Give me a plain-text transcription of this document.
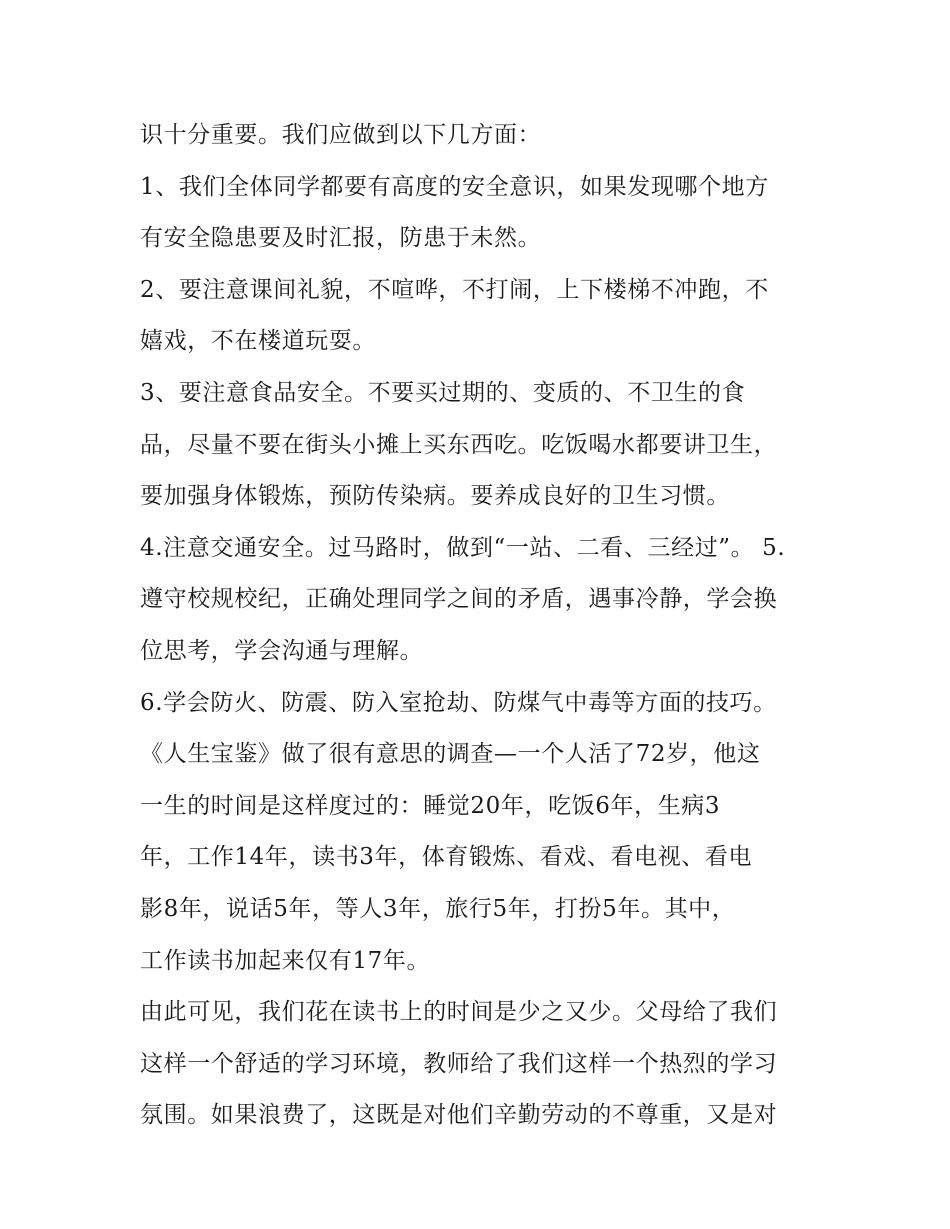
识十分重要。我们应做到以下几方面：
1、我们全体同学都要有高度的安全意识，如果发现哪个地方
有安全隐患要及时汇报，防患于未然。
2、要注意课间礼貌，不喧哗，不打闹，上下楼梯不冲跑，不
嬉戏，不在楼道玩耍。
3、要注意食品安全。不要买过期的、变质的、不卫生的食
品，尽量不要在街头小摊上买东西吃。吃饭喝水都要讲卫生，
要加强身体锻炼，预防传染病。要养成良好的卫生习惯。
4.注意交通安全。过马路时，做到“一站、二看、三经过”。 5.
遵守校规校纪，正确处理同学之间的矛盾，遇事冷静，学会换
位思考，学会沟通与理解。
6.学会防火、防震、防入室抢劫、防煤气中毒等方面的技巧。
《人生宝鉴》做了很有意思的调查—一个人活了72岁，他这
一生的时间是这样度过的：睡觉20年，吃饭6年，生病3
年，工作14年，读书3年，体育锻炼、看戏、看电视、看电
影8年，说话5年，等人3年，旅行5年，打扮5年。其中，
工作读书加起来仅有17年。
由此可见，我们花在读书上的时间是少之又少。父母给了我们
这样一个舒适的学习环境，教师给了我们这样一个热烈的学习
氛围。如果浪费了，这既是对他们辛勤劳动的不尊重，又是对
